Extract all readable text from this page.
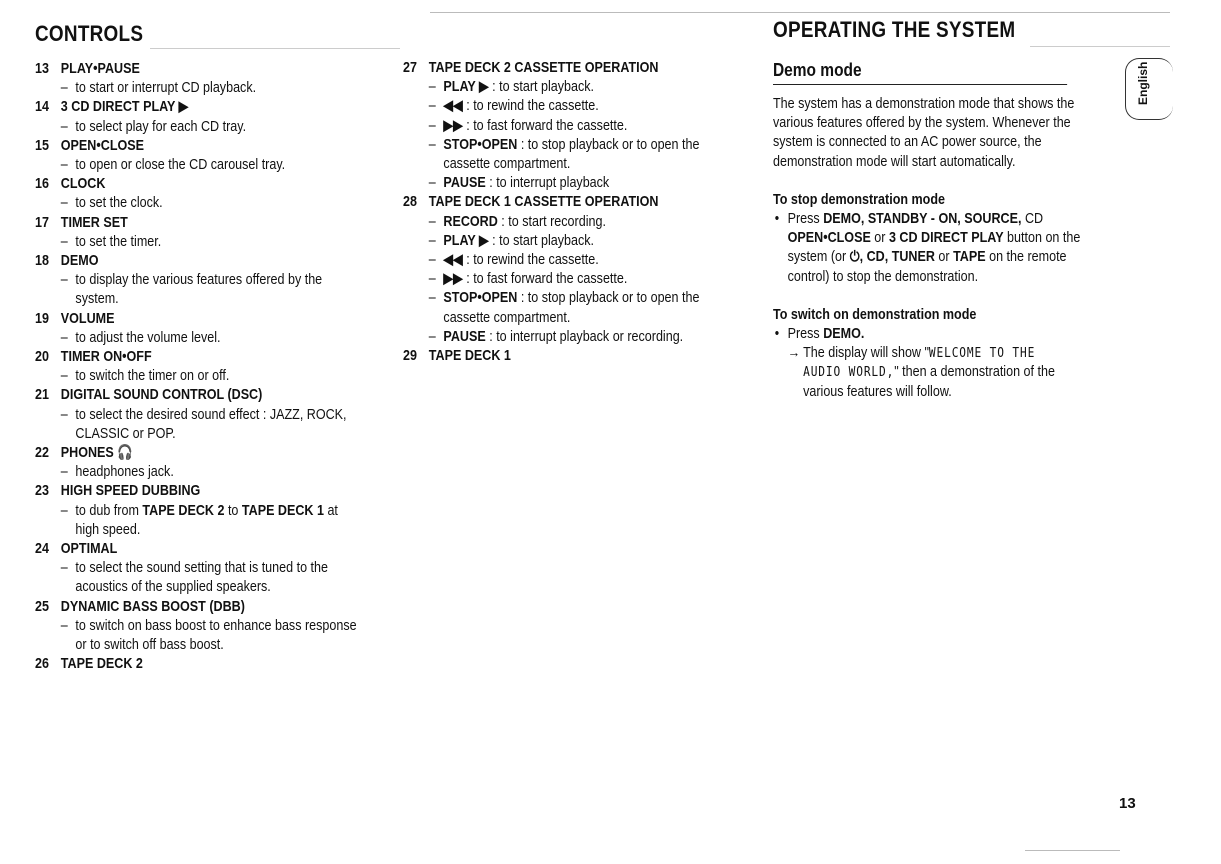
CONTROLS	OPERATING THE SYSTEM
13 PLAY•PAUSE
– to start or interrupt CD playback.
14 3 CD DIRECT PLAY ▶
– to select play for each CD tray.
15 OPEN•CLOSE
– to open or close the CD carousel tray.
16 CLOCK
– to set the clock.
17 TIMER SET
– to set the timer.
18 DEMO
– to display the various features offered by the
system.
19 VOLUME
– to adjust the volume level.
20 TIMER ON•OFF
– to switch the timer on or off.
21 DIGITAL SOUND CONTROL (DSC)
– to select the desired sound effect : JAZZ, ROCK,
CLASSIC or POP.
22 PHONES 🎧
– headphones jack.
23 HIGH SPEED DUBBING
– to dub from TAPE DECK 2 to TAPE DECK 1 at
high speed.
24 OPTIMAL
– to select the sound setting that is tuned to the
acoustics of the supplied speakers.
25 DYNAMIC BASS BOOST (DBB)
– to switch on bass boost to enhance bass response
or to switch off bass boost.
26 TAPE DECK 2
27 TAPE DECK 2 CASSETTE OPERATION
– PLAY ▶ : to start playback.
– ◀◀ : to rewind the cassette.
– ▶▶ : to fast forward the cassette.
– STOP•OPEN : to stop playback or to open the
cassette compartment.
– PAUSE : to interrupt playback
28 TAPE DECK 1 CASSETTE OPERATION
– RECORD : to start recording.
– PLAY ▶ : to start playback.
– ◀◀ : to rewind the cassette.
– ▶▶ : to fast forward the cassette.
– STOP•OPEN : to stop playback or to open the
cassette compartment.
– PAUSE : to interrupt playback or recording.
29 TAPE DECK 1
Demo mode
The system has a demonstration mode that shows the
various features offered by the system. Whenever the
system is connected to an AC power source, the
demonstration mode will start automatically.
To stop demonstration mode
• Press DEMO, STANDBY - ON, SOURCE, CD
OPEN•CLOSE or 3 CD DIRECT PLAY button on the
system (or ⏻, CD, TUNER or TAPE on the remote
control) to stop the demonstration.
To switch on demonstration mode
• Press DEMO.
→ The display will show "WELCOME TO THE
AUDIO WORLD," then a demonstration of the
various features will follow.
English
13
